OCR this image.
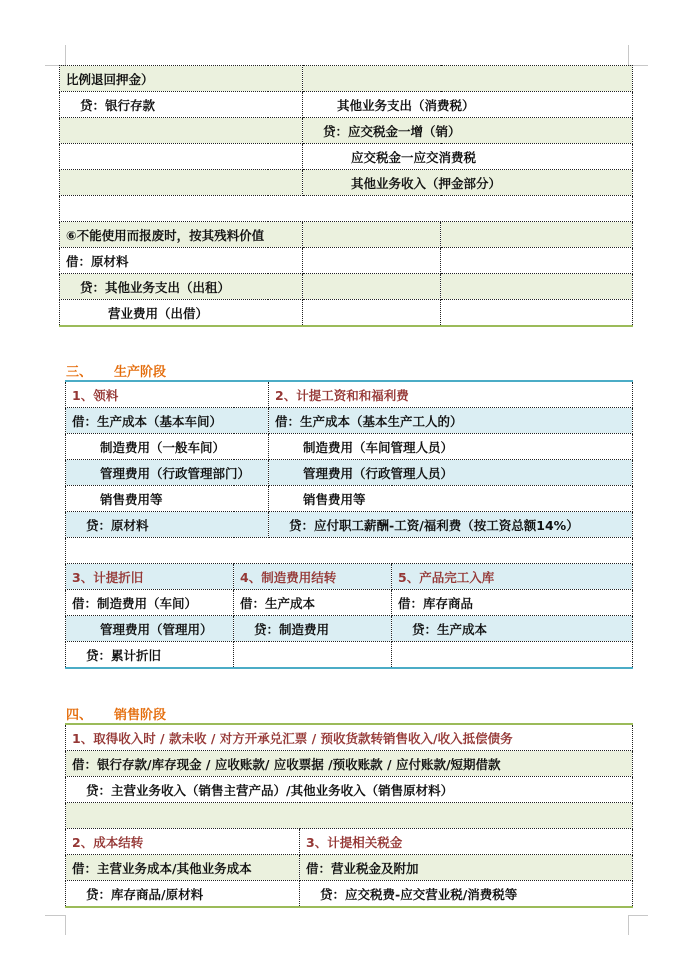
比例退回押金）		
贷：银行存款	其他业务支出（消费税）	
	贷：应交税金一增（销）	
	应交税金一应交消费税	
	其他业务收入（押金部分）	

⑥不能使用而报废时，按其残料价值		
借：原材料		
贷：其他业务支出（出租）		
营业费用（出借）		
三、 生产阶段
1、领料		2、计提工资和和福利费	
借：生产成本（基本车间）		借：生产成本（基本生产工人的）	
制造费用（一般车间）		制造费用（车间管理人员）	
管理费用（行政管理部门）		管理费用（行政管理人员）	
销售费用等		销售费用等	
贷：原材料		贷：应付职工薪酬-工资/福利费（按工资总额14%）	

3、计提折旧	4、制造费用结转		5、产品完工入库
借：制造费用（车间）	借：生产成本		借：库存商品
管理费用（管理用）	贷：制造费用		贷：生产成本
贷：累计折旧			
四、 销售阶段
1、取得收入时 / 款未收 / 对方开承兑汇票 / 预收货款转销售收入/收入抵偿债务	
借：银行存款/库存现金 / 应收账款/ 应收票据 /预收账款 / 应付账款/短期借款	
贷：主营业务收入（销售主营产品）/其他业务收入（销售原材料）	

2、成本结转	3、计提相关税金
借：主营业务成本/其他业务成本	借：营业税金及附加
贷：库存商品/原材料	贷：应交税费-应交营业税/消费税等
